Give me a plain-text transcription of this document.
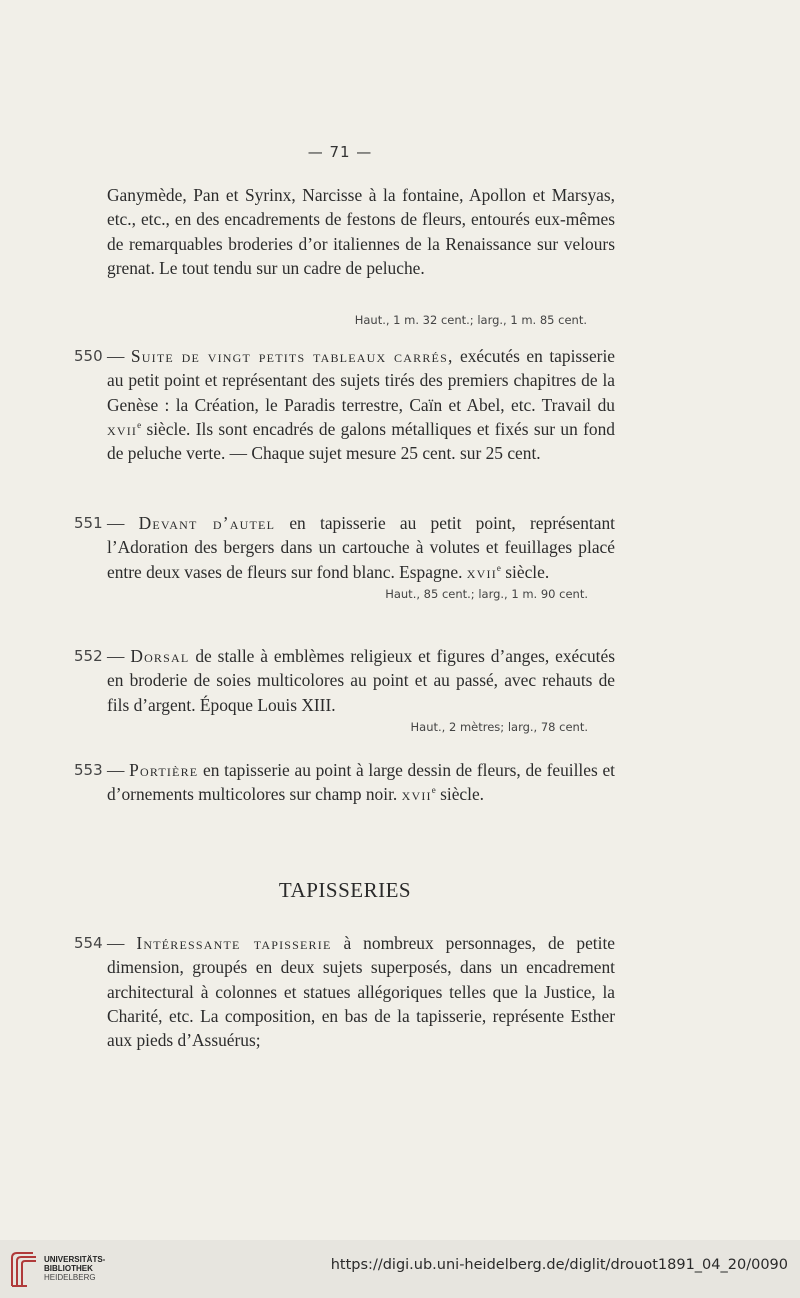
— 71 —
Ganymède, Pan et Syrinx, Narcisse à la fontaine, Apollon et Marsyas, etc., etc., en des encadrements de festons de fleurs, entourés eux-mêmes de remarquables broderies d’or italiennes de la Renaissance sur velours grenat. Le tout tendu sur un cadre de peluche.
Haut., 1 m. 32 cent.; larg., 1 m. 85 cent.
550 — Suite de vingt petits tableaux carrés, exécutés en tapisserie au petit point et représentant des sujets tirés des premiers chapitres de la Genèse : la Création, le Paradis terrestre, Caïn et Abel, etc. Travail du xvii$^e$ siècle. Ils sont encadrés de galons métalliques et fixés sur un fond de peluche verte. — Chaque sujet mesure 25 cent. sur 25 cent.
551 — Devant d’autel en tapisserie au petit point, représentant l’Adoration des bergers dans un cartouche à volutes et feuillages placé entre deux vases de fleurs sur fond blanc. Espagne. xvii$^e$ siècle.
Haut., 85 cent.; larg., 1 m. 90 cent.
552 — Dorsal de stalle à emblèmes religieux et figures d’anges, exécutés en broderie de soies multicolores au point et au passé, avec rehauts de fils d’argent. Époque Louis XIII.
Haut., 2 mètres; larg., 78 cent.
553 — Portière en tapisserie au point à large dessin de fleurs, de feuilles et d’ornements multicolores sur champ noir. xvii$^e$ siècle.
TAPISSERIES
554 — Intéressante tapisserie à nombreux personnages, de petite dimension, groupés en deux sujets superposés, dans un encadrement architectural à colonnes et statues allégoriques telles que la Justice, la Charité, etc. La composition, en bas de la tapisserie, représente Esther aux pieds d’Assuérus;
UNIVERSITÄTS-
BIBLIOTHEK
HEIDELBERG
https://digi.ub.uni-heidelberg.de/diglit/drouot1891_04_20/0090
